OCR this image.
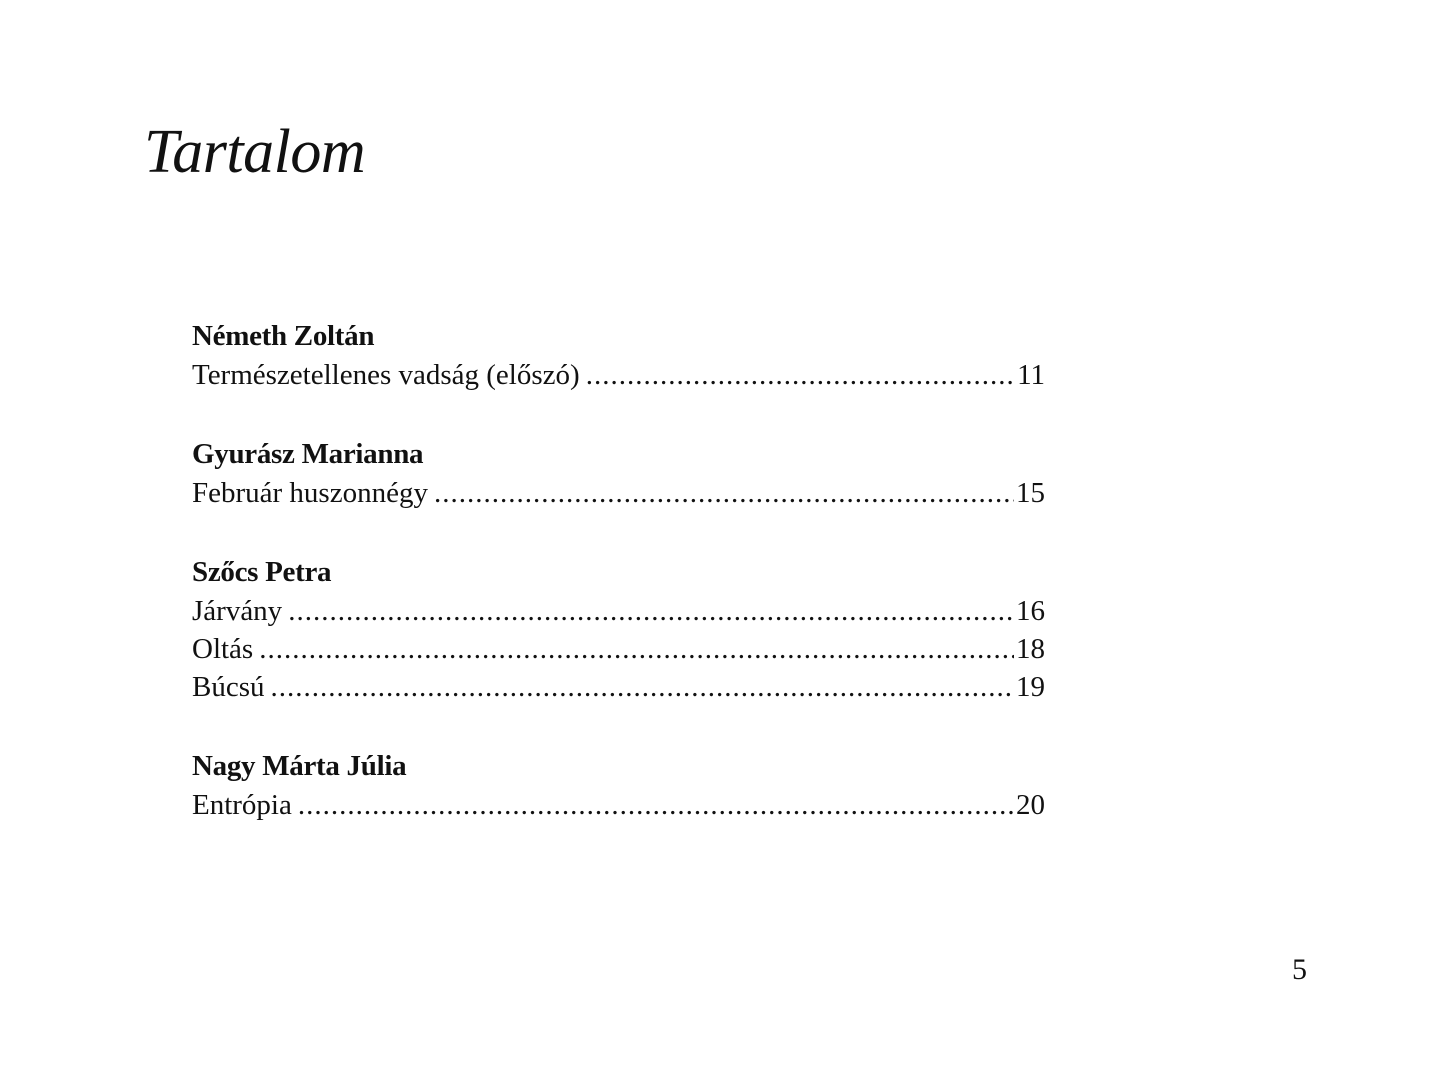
Tartalom
Németh Zoltán
Természetellenes vadság (előszó) .....	11
Gyurász Marianna
Február huszonnégy .....	15
Szőcs Petra
Járvány .....	16
Oltás .....	18
Búcsú .....	19
Nagy Márta Júlia
Entrópia .....	20
5
